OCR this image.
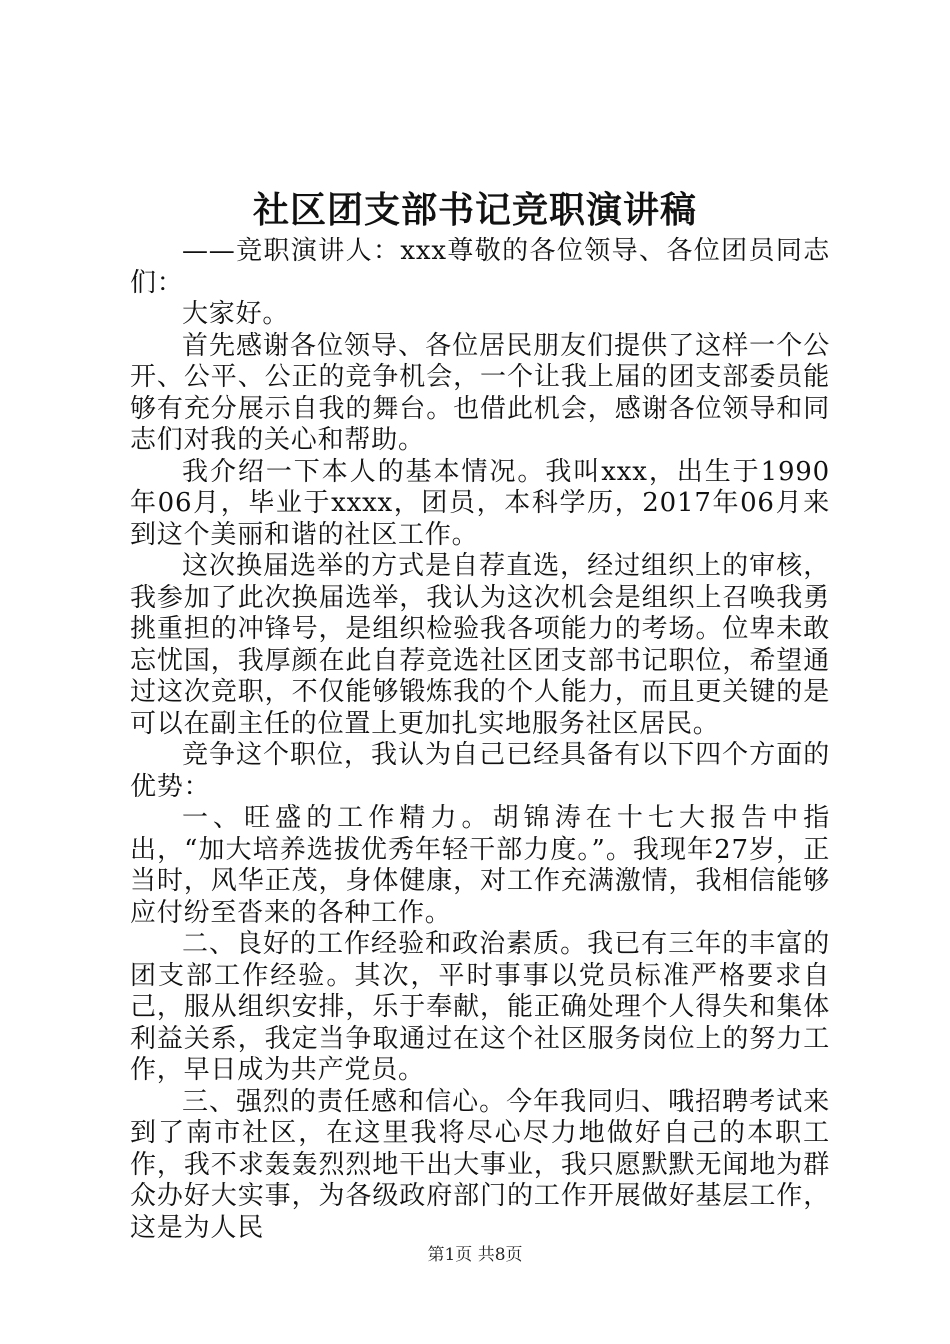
社区团支部书记竞职演讲稿

——竞职演讲人：xxx尊敬的各位领导、各位团员同志们：

大家好。

首先感谢各位领导、各位居民朋友们提供了这样一个公开、公平、公正的竞争机会，一个让我上届的团支部委员能够有充分展示自我的舞台。也借此机会，感谢各位领导和同志们对我的关心和帮助。

我介绍一下本人的基本情况。我叫xxx，出生于1990年06月，毕业于xxxx，团员，本科学历，2017年06月来到这个美丽和谐的社区工作。

这次换届选举的方式是自荐直选，经过组织上的审核，我参加了此次换届选举，我认为这次机会是组织上召唤我勇挑重担的冲锋号，是组织检验我各项能力的考场。位卑未敢忘忧国，我厚颜在此自荐竞选社区团支部书记职位，希望通过这次竞职，不仅能够锻炼我的个人能力，而且更关键的是可以在副主任的位置上更加扎实地服务社区居民。

竞争这个职位，我认为自己已经具备有以下四个方面的优势：

一、旺盛的工作精力。胡锦涛在十七大报告中指出，“加大培养选拔优秀年轻干部力度。”。我现年27岁，正当时，风华正茂，身体健康，对工作充满激情，我相信能够应付纷至沓来的各种工作。

二、良好的工作经验和政治素质。我已有三年的丰富的团支部工作经验。其次，平时事事以党员标准严格要求自己，服从组织安排，乐于奉献，能正确处理个人得失和集体利益关系，我定当争取通过在这个社区服务岗位上的努力工作，早日成为共产党员。

三、强烈的责任感和信心。今年我同归、哦招聘考试来到了南市社区，在这里我将尽心尽力地做好自己的本职工作，我不求轰轰烈烈地干出大事业，我只愿默默无闻地为群众办好大实事，为各级政府部门的工作开展做好基层工作，这是为人民

第1页 共8页
